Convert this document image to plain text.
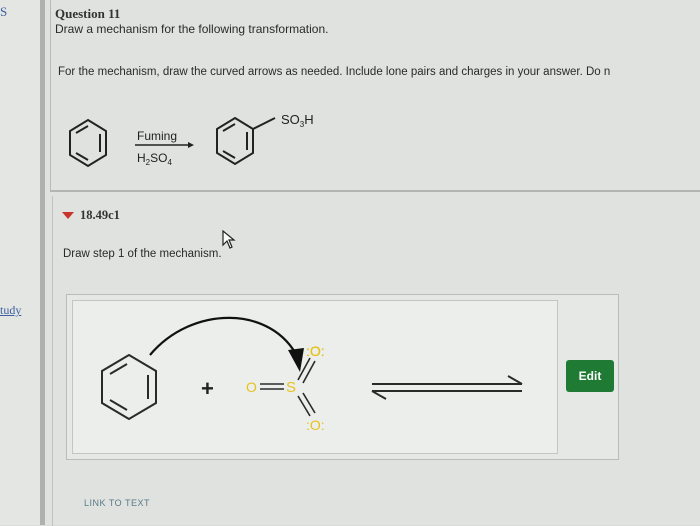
S
tudy
Question 11
Draw a mechanism for the following transformation.
For the mechanism, draw the curved arrows as needed. Include lone pairs and charges in your answer. Do n
Fuming
$H_2SO_4$
$SO_3H$
18.49c1
Draw step 1 of the mechanism.
+
:O:
O S
:O:
Edit
LINK TO TEXT
